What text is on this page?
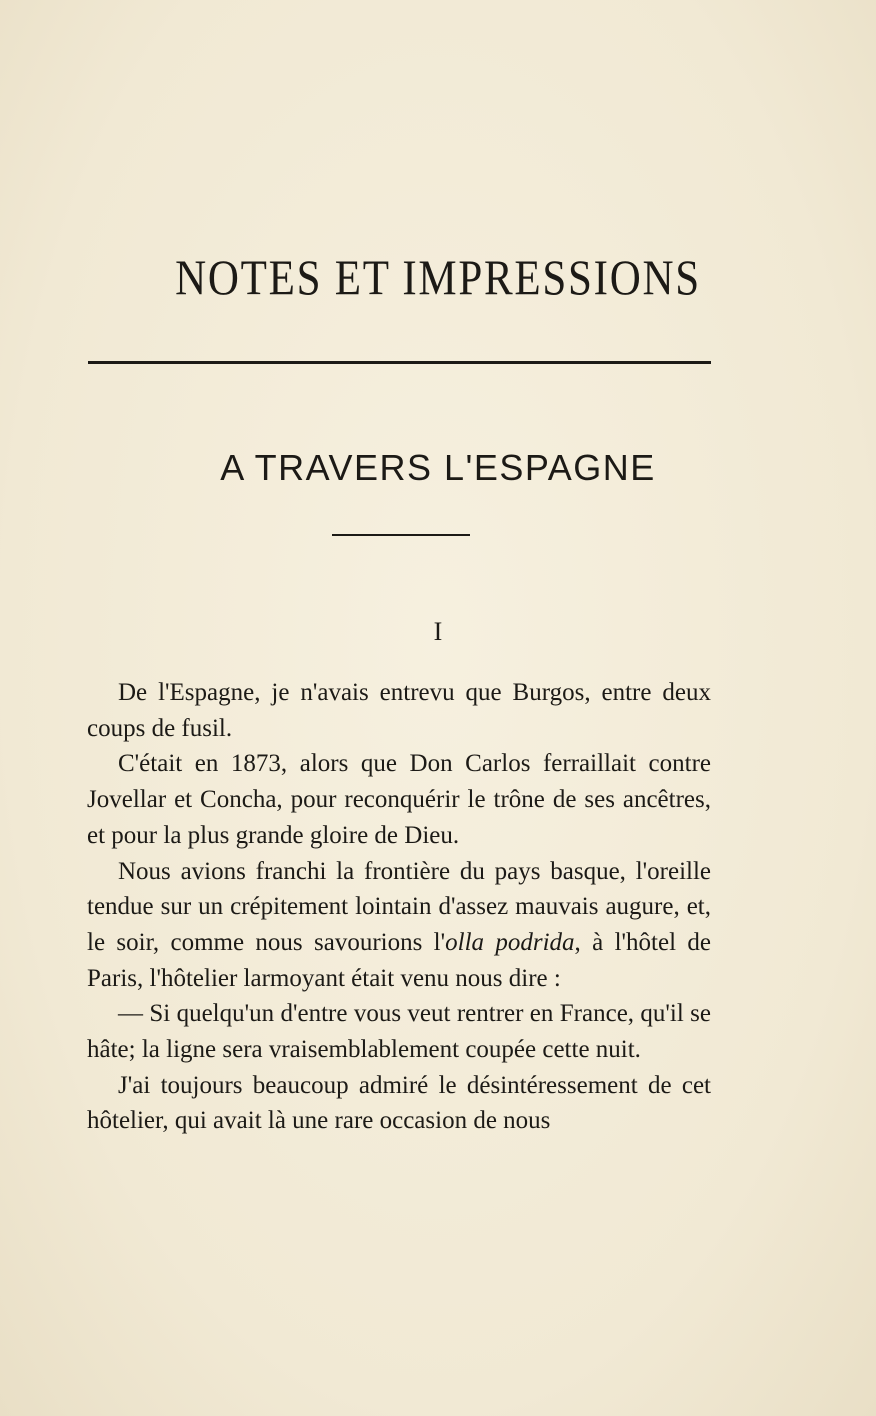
NOTES ET IMPRESSIONS
A TRAVERS L'ESPAGNE
I

De l'Espagne, je n'avais entrevu que Burgos, entre deux coups de fusil.

C'était en 1873, alors que Don Carlos ferraillait contre Jovellar et Concha, pour reconquérir le trône de ses ancêtres, et pour la plus grande gloire de Dieu.

Nous avions franchi la frontière du pays basque, l'oreille tendue sur un crépitement lointain d'assez mauvais augure, et, le soir, comme nous savourions l'olla podrida, à l'hôtel de Paris, l'hôtelier larmoyant était venu nous dire :

— Si quelqu'un d'entre vous veut rentrer en France, qu'il se hâte; la ligne sera vraisemblablement coupée cette nuit.

J'ai toujours beaucoup admiré le désintéressement de cet hôtelier, qui avait là une rare occasion de nous
